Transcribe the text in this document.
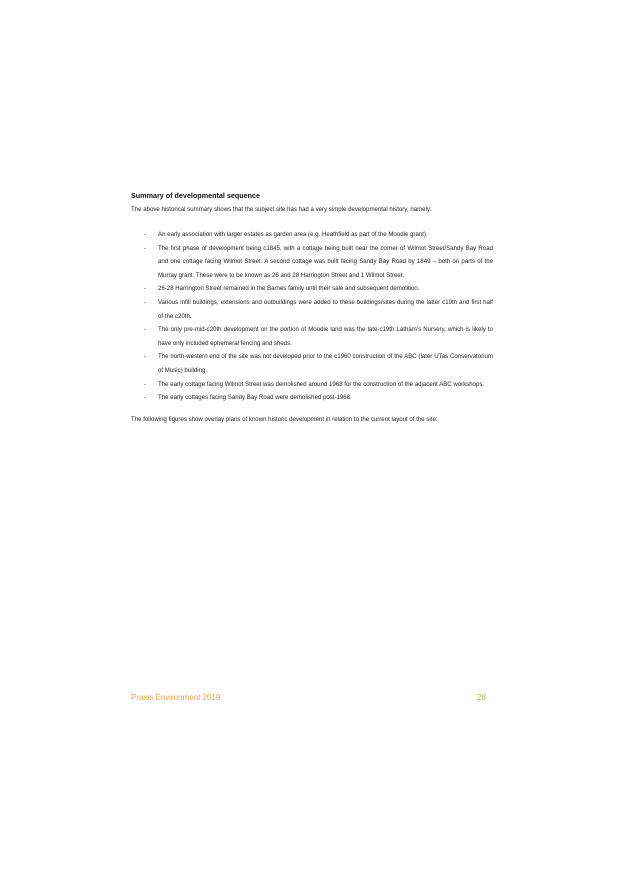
Summary of developmental sequence

The above historical summary shows that the subject site has had a very simple developmental history, namely:

- An early association with larger estates as garden area (e.g. Heathfield as part of the Moodie grant).
- The first phase of development being c1845, with a cottage being built near the corner of Wilmot Street/Sandy Bay Road and one cottage facing Wilmot Street. A second cottage was built facing Sandy Bay Road by 1849 – both on parts of the Murray grant. These were to be known as 26 and 28 Harrington Street and 1 Wilmot Street.
- 26-28 Harrington Street remained in the Barnes family until their sale and subsequent demolition.
- Various infill buildings, extensions and outbuildings were added to these buildings/sites during the latter c19th and first half of the c20th.
- The only pre-mid-c20th development on the portion of Moodie land was the late-c19th Latham’s Nursery, which is likely to have only included ephemeral fencing and sheds.
- The north-western end of the site was not developed prior to the c1960 construction of the ABC (later UTas Conservatorium of Music) building.
- The early cottage facing Wilmot Street was demolished around 1968 for the construction of the adjacent ABC workshops.
- The early cottages facing Sandy Bay Road were demolished post-1968.

The following figures show overlay plans of known historic development in relation to the current layout of the site:

Praxis Environment 2019	28
